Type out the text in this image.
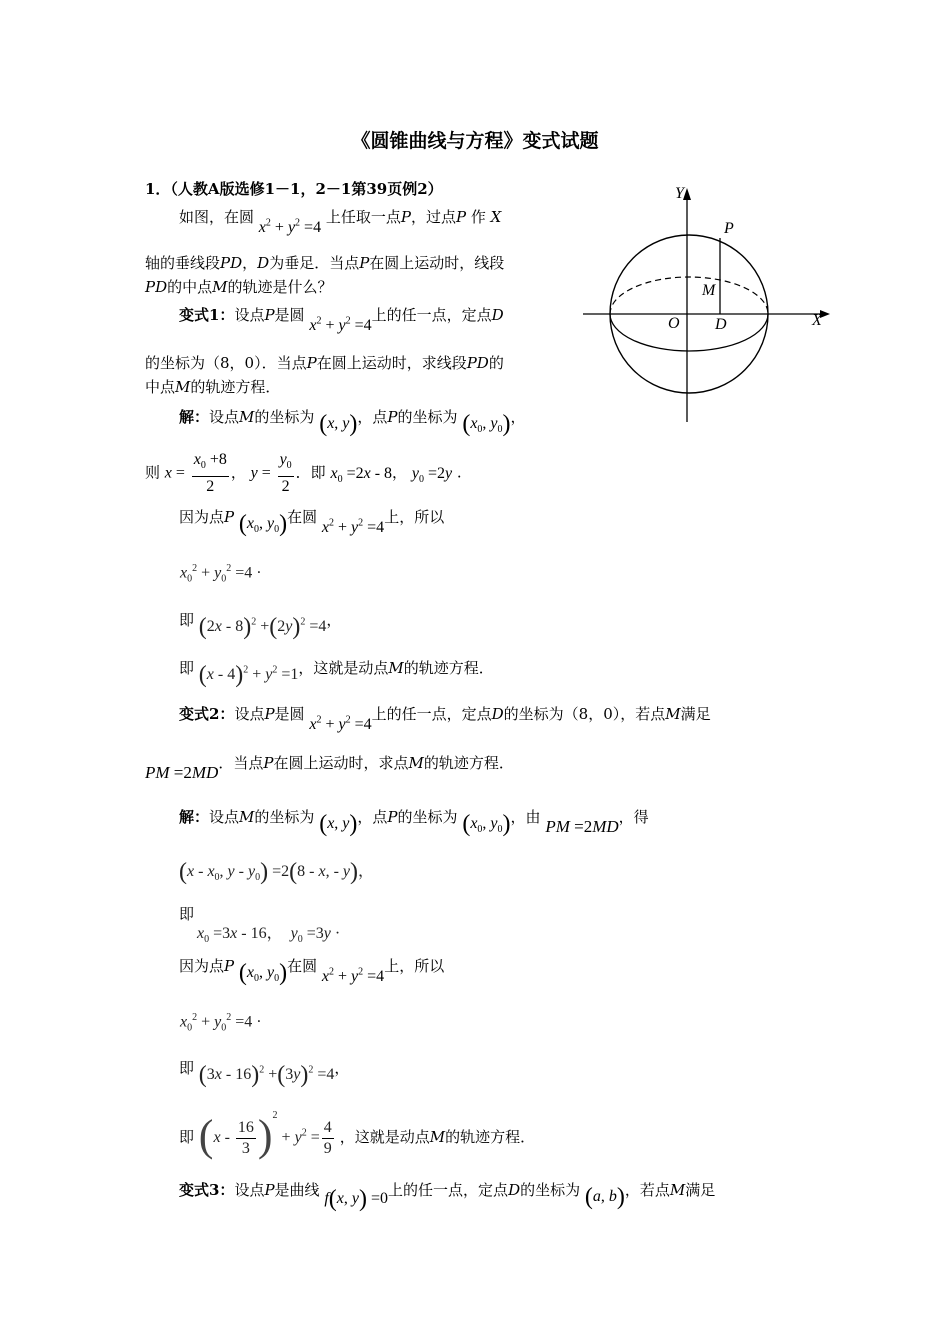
《圆锥曲线与方程》变式试题
1．（人教A版选修1－1，2－1第39页例2）
如图，在圆 $x^2 + y^2 =4$ 上任取一点P，过点P 作 X
轴的垂线段PD，D为垂足．当点P在圆上运动时，线段
PD的中点M的轨迹是什么？
变式1：设点P是圆 $x^2 + y^2 =4$上的任一点，定点D
的坐标为（8，0）．当点P在圆上运动时，求线段PD的
中点M的轨迹方程．
解：设点M的坐标为 (x, y)，点P的坐标为 ($x_0$, $y_0$)，
则 $x = \frac{x_0 +8}{2}$ ， $y = \frac{y_0}{2}$ ．即 $x_0 =2x - 8$， $y_0 =2y$ .
因为点P ($x_0$, $y_0$)在圆 $x^2 + y^2 =4$上，所以
$x_0^2 + y_0^2 =4$ ·
即 $(2x - 8)^2 +(2y)^2 =4$，
即 $(x - 4)^2 + y^2 =1$，这就是动点M的轨迹方程．
变式2：设点P是圆 $x^2 + y^2 =4$上的任一点，定点D的坐标为（8，0），若点M满足
PM =2MD．当点P在圆上运动时，求点M的轨迹方程．
解：设点M的坐标为 (x, y)，点P的坐标为 ($x_0$, $y_0$)，由 PM =2MD，得
($x - x_0$, $y - y_0) =2(8 - x$, - y)，
即
$x_0 =3x - 16$，  $y_0 =3y$ ·
因为点P ($x_0$, $y_0$)在圆 $x^2 + y^2 =4$上，所以
$x_0^2 + y_0^2 =4$ ·
即 $(3x - 16)^2 +(3y)^2 =4$，
即 $(x - \frac{16}{3} )^2 + y^2 = \frac{4}{9}$ ，这就是动点M的轨迹方程．
变式3：设点P是曲线 f(x, y) =0上的任一点，定点D的坐标为 (a, b)，若点M满足
Y
X
P
M
O D
